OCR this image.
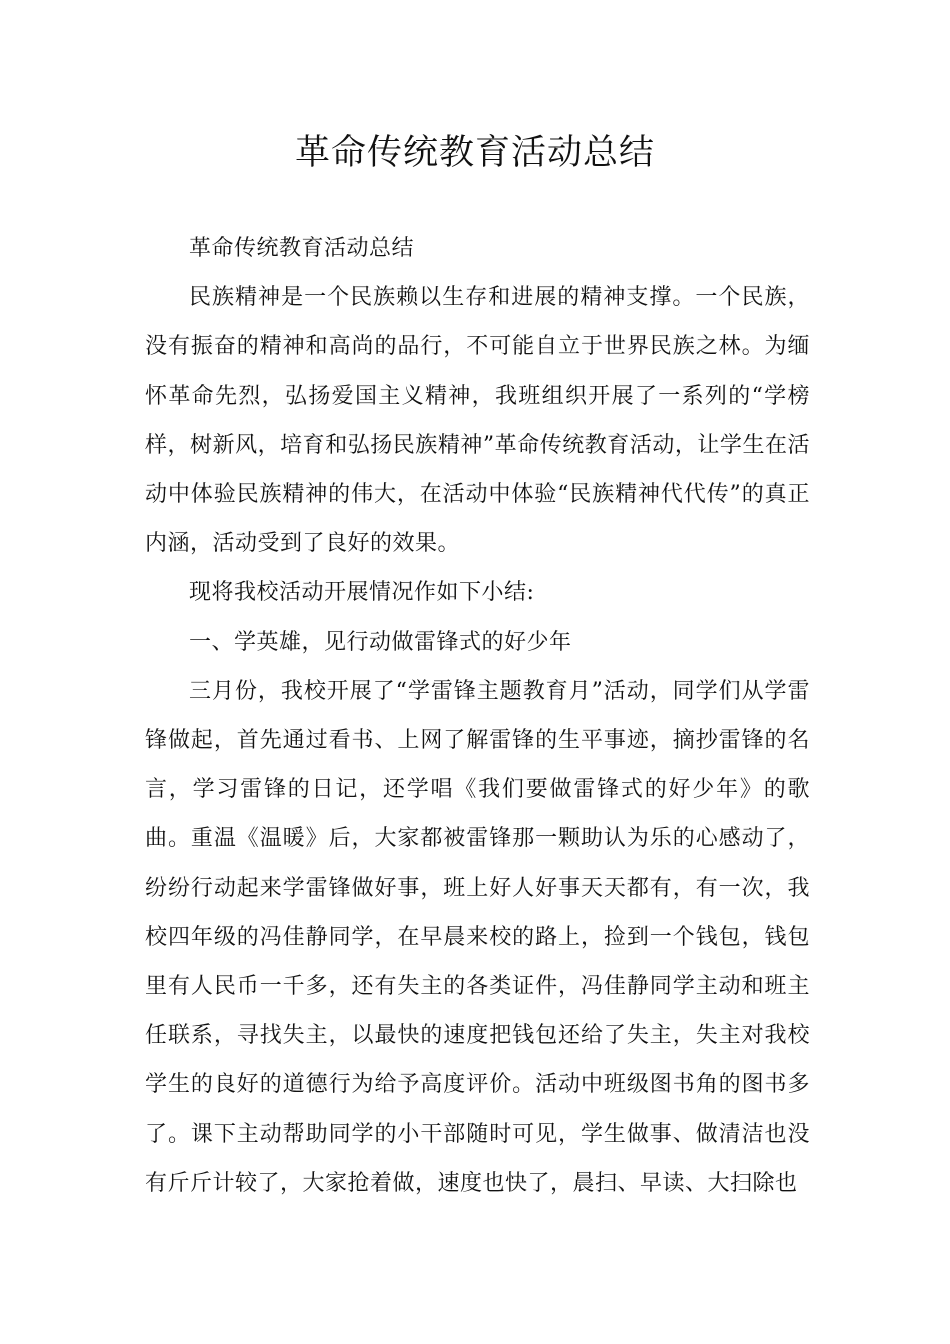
革命传统教育活动总结

革命传统教育活动总结

民族精神是一个民族赖以生存和进展的精神支撑。一个民族，没有振奋的精神和高尚的品行，不可能自立于世界民族之林。为缅怀革命先烈，弘扬爱国主义精神，我班组织开展了一系列的“学榜样，树新风，培育和弘扬民族精神”革命传统教育活动，让学生在活动中体验民族精神的伟大，在活动中体验“民族精神代代传”的真正内涵，活动受到了良好的效果。

现将我校活动开展情况作如下小结:

一、学英雄，见行动做雷锋式的好少年

三月份，我校开展了“学雷锋主题教育月”活动，同学们从学雷锋做起，首先通过看书、上网了解雷锋的生平事迹，摘抄雷锋的名言，学习雷锋的日记，还学唱《我们要做雷锋式的好少年》的歌曲。重温《温暖》后，大家都被雷锋那一颗助认为乐的心感动了，纷纷行动起来学雷锋做好事，班上好人好事天天都有，有一次，我校四年级的冯佳静同学，在早晨来校的路上，捡到一个钱包，钱包里有人民币一千多，还有失主的各类证件，冯佳静同学主动和班主任联系，寻找失主，以最快的速度把钱包还给了失主，失主对我校学生的良好的道德行为给予高度评价。活动中班级图书角的图书多了。课下主动帮助同学的小干部随时可见，学生做事、做清洁也没有斤斤计较了，大家抢着做，速度也快了，晨扫、早读、大扫除也
